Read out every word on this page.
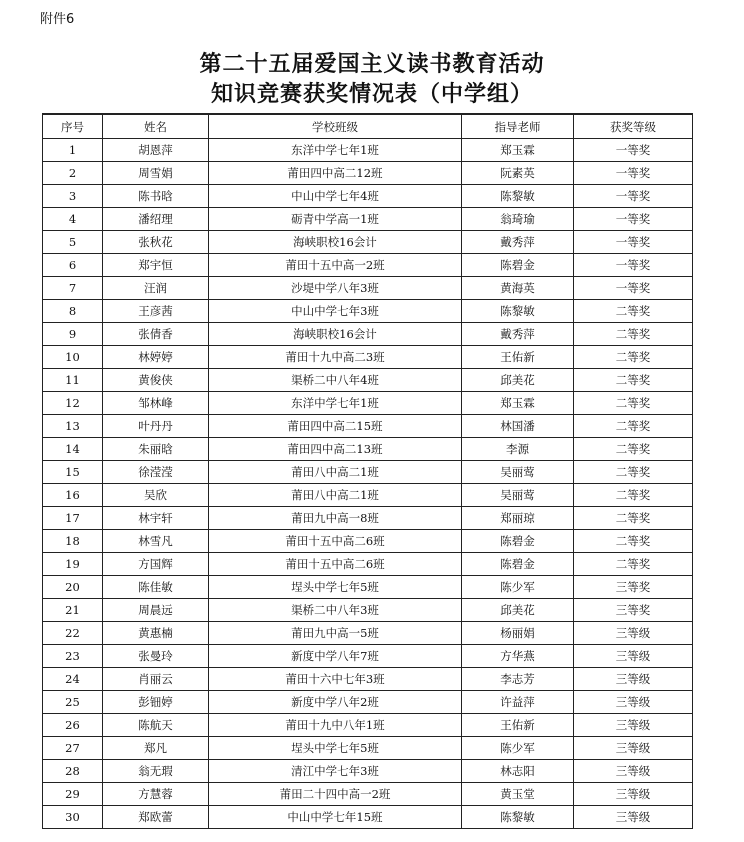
附件6
第二十五届爱国主义读书教育活动
知识竞赛获奖情况表（中学组）
序号	姓名	学校班级	指导老师	获奖等级
1	胡恩萍	东洋中学七年1班	郑玉霖	一等奖
2	周雪娟	莆田四中高二12班	阮素英	一等奖
3	陈书晗	中山中学七年4班	陈黎敏	一等奖
4	潘绍理	砺青中学高一1班	翁琦瑜	一等奖
5	张秋花	海峡职校16会计	戴秀萍	一等奖
6	郑宇恒	莆田十五中高一2班	陈碧金	一等奖
7	汪润	沙堤中学八年3班	黄海英	一等奖
8	王彦茜	中山中学七年3班	陈黎敏	二等奖
9	张倩香	海峡职校16会计	戴秀萍	二等奖
10	林婷婷	莆田十九中高二3班	王佑新	二等奖
11	黄俊侠	渠桥二中八年4班	邱美花	二等奖
12	邹林峰	东洋中学七年1班	郑玉霖	二等奖
13	叶丹丹	莆田四中高二15班	林国潘	二等奖
14	朱丽晗	莆田四中高二13班	李源	二等奖
15	徐滢滢	莆田八中高二1班	吴丽莺	二等奖
16	吴欣	莆田八中高二1班	吴丽莺	二等奖
17	林宇轩	莆田九中高一8班	郑丽琼	二等奖
18	林雪凡	莆田十五中高二6班	陈碧金	二等奖
19	方国辉	莆田十五中高二6班	陈碧金	二等奖
20	陈佳敏	埕头中学七年5班	陈少军	三等奖
21	周晨远	渠桥二中八年3班	邱美花	三等奖
22	黄惠楠	莆田九中高一5班	杨丽娟	三等级
23	张曼玲	新度中学八年7班	方华燕	三等级
24	肖丽云	莆田十六中七年3班	李志芳	三等级
25	彭钿婷	新度中学八年2班	许益萍	三等级
26	陈航天	莆田十九中八年1班	王佑新	三等级
27	郑凡	埕头中学七年5班	陈少军	三等级
28	翁无瑕	清江中学七年3班	林志阳	三等级
29	方慧蓉	莆田二十四中高一2班	黄玉堂	三等级
30	郑欧蕾	中山中学七年15班	陈黎敏	三等级
